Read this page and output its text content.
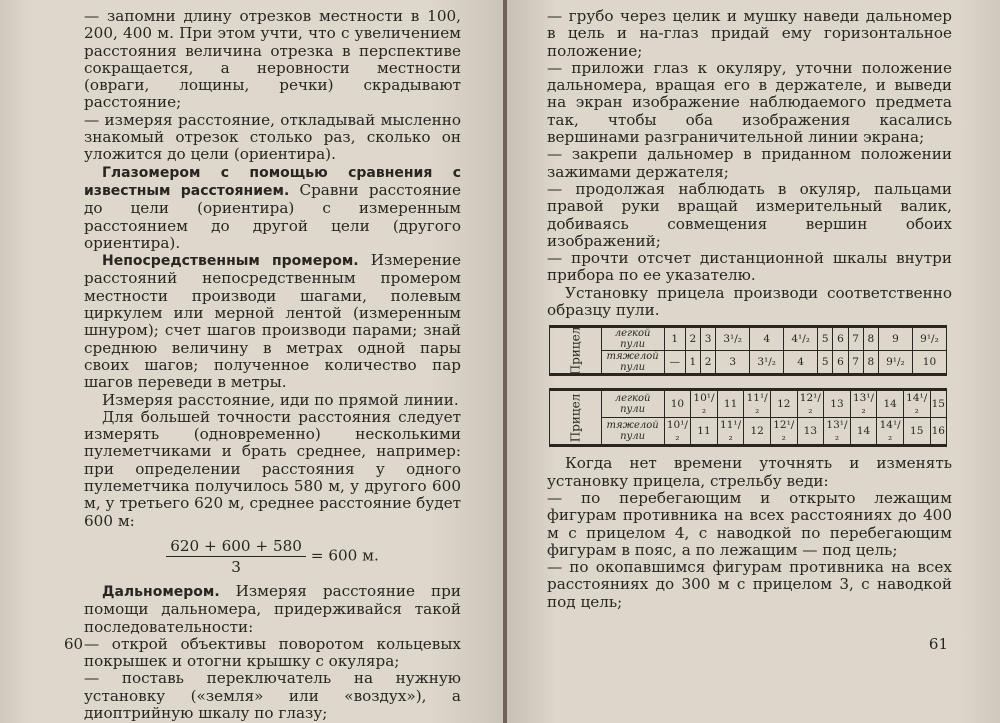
— запомни длину отрезков местности в 100, 200, 400 м. При этом учти, что с увеличением расстояния величина отрезка в перспективе сокращается, а неровности местности (овраги, лощины, речки) скрадывают расстояние;

— измеряя расстояние, откладывай мысленно знакомый отрезок столько раз, сколько он уложится до цели (ориентира).

Глазомером с помощью сравнения с известным расстоянием. Сравни расстояние до цели (ориентира) с измеренным расстоянием до другой цели (другого ориентира).

Непосредственным промером. Измерение расстояний непосредственным промером местности производи шагами, полевым циркулем или мерной лентой (измеренным шнуром); счет шагов производи парами; знай среднюю величину в метрах одной пары своих шагов; полученное количество пар шагов переведи в метры.

Измеряя расстояние, иди по прямой линии.

Для большей точности расстояния следует измерять (одновременно) несколькими пулеметчиками и брать среднее, например: при определении расстояния у одного пулеметчика получилось 580 м, у другого 600 м, у третьего 620 м, среднее расстояние будет 600 м:

$\frac{620 + 600 + 580}{3} = 600$ м.

Дальномером. Измеряя расстояние при помощи дальномера, придерживайся такой последовательности:

— открой объективы поворотом кольцевых покрышек и отогни крышку с окуляра;

— поставь переключатель на нужную установку («земля» или «воздух»), а диоптрийную шкалу по глазу;

60

— грубо через целик и мушку наведи дальномер в цель и на-глаз придай ему горизонтальное положение;

— приложи глаз к окуляру, уточни положение дальномера, вращая его в держателе, и выведи на экран изображение наблюдаемого предмета так, чтобы оба изображения касались вершинами разграничительной линии экрана;

— закрепи дальномер в приданном положении зажимами держателя;

— продолжая наблюдать в окуляр, пальцами правой руки вращай измерительный валик, добиваясь совмещения вершин обоих изображений;

— прочти отсчет дистанционной шкалы внутри прибора по ее указателю.

Установку прицела производи соответственно образцу пули.

Прицел	легкой пули	1	2	3	3¹/₂	4	4¹/₂	5	6	7	8	9	9¹/₂
	тяжелой пули	—	1	2	3	3¹/₂	4	5	6	7	8	9¹/₂	10
Прицел	легкой пули	10	10¹/₂	11	11¹/₂	12	12¹/₂	13	13¹/₂	14	14¹/₂	15
	тяжелой пули	10¹/₂	11	11¹/₂	12	12¹/₂	13	13¹/₂	14	14¹/₂	15	16

Когда нет времени уточнять и изменять установку прицела, стрельбу веди:

— по перебегающим и открыто лежащим фигурам противника на всех расстояниях до 400 м с прицелом 4, с наводкой по перебегающим фигурам в пояс, а по лежащим — под цель;

— по окопавшимся фигурам противника на всех расстояниях до 300 м с прицелом 3, с наводкой под цель;

61
